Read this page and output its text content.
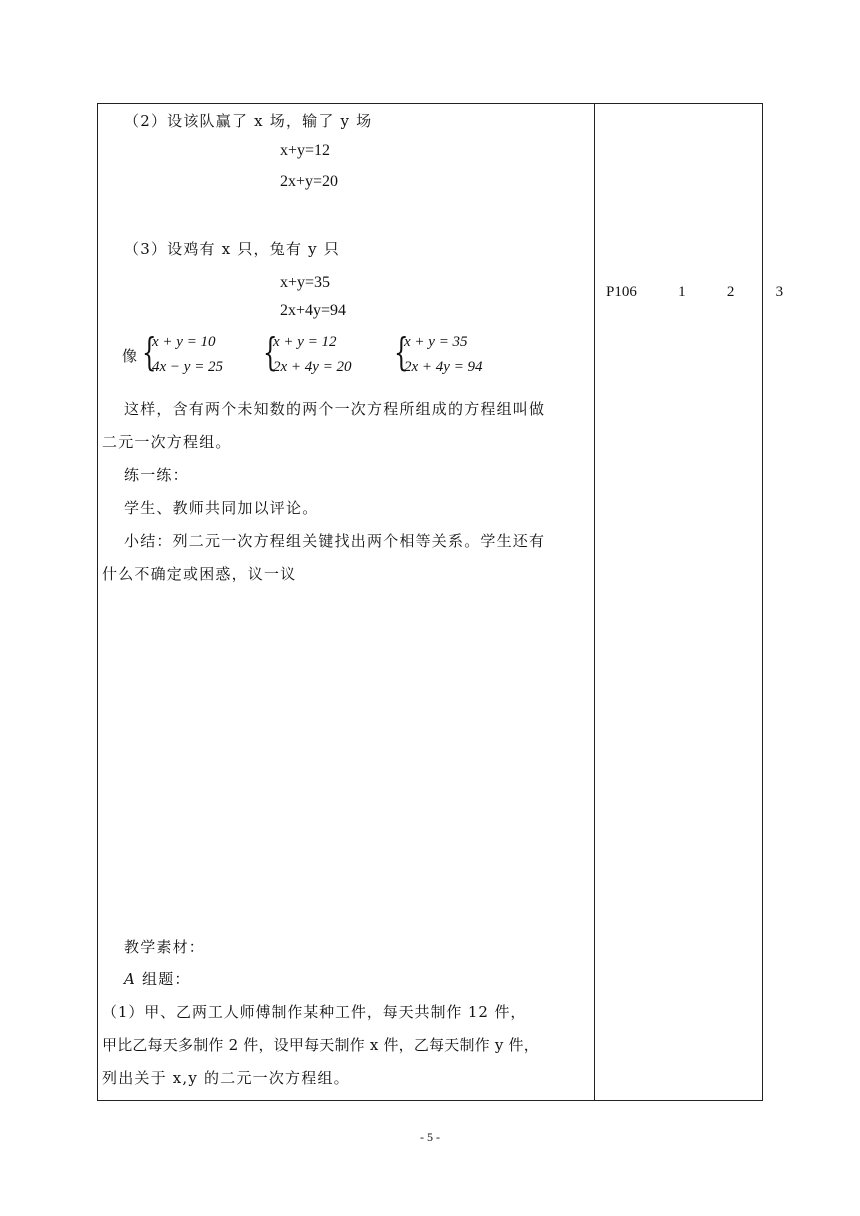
（2）设该队赢了 x 场，输了 y 场
x+y=12
2x+y=20
（3）设鸡有 x 只，兔有 y 只
x+y=35
2x+4y=94
像 {
x + y = 10
4x − y = 25 {
x + y = 12
2x + 4y = 20 {
x + y = 35
2x + 4y = 94
这样，含有两个未知数的两个一次方程所组成的方程组叫做
二元一次方程组。
练一练：
学生、教师共同加以评论。
小结：列二元一次方程组关键找出两个相等关系。学生还有
什么不确定或困惑，议一议
教学素材：
A 组题：
（1）甲、乙两工人师傅制作某种工件，每天共制作 12 件，
甲比乙每天多制作 2 件，设甲每天制作 x 件，乙每天制作 y 件，
列出关于 x,y 的二元一次方程组。
P106   1   2   3
- 5 -
